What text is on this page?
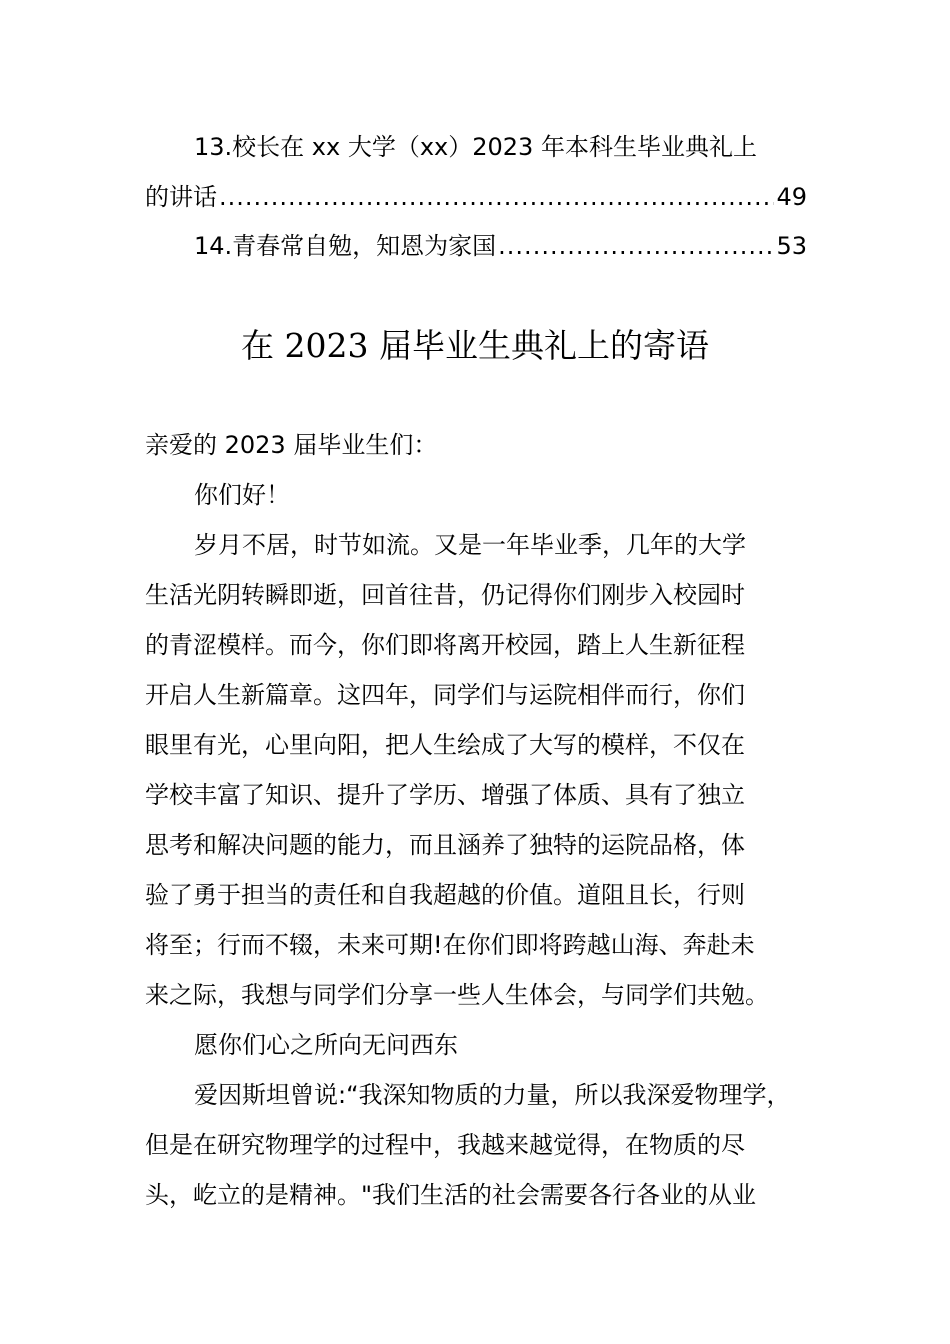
13.校长在 xx 大学（xx）2023 年本科生毕业典礼上
的讲话 .....	49
14.青春常自勉，知恩为家国 .....	53
在 2023 届毕业生典礼上的寄语
亲爱的 2023 届毕业生们：
你们好！
岁月不居，时节如流。又是一年毕业季，几年的大学
生活光阴转瞬即逝，回首往昔，仍记得你们刚步入校园时
的青涩模样。而今，你们即将离开校园，踏上人生新征程
开启人生新篇章。这四年，同学们与运院相伴而行，你们
眼里有光，心里向阳，把人生绘成了大写的模样，不仅在
学校丰富了知识、提升了学历、增强了体质、具有了独立
思考和解决问题的能力，而且涵养了独特的运院品格，体
验了勇于担当的责任和自我超越的价值。道阻且长，行则
将至；行而不辍，未来可期!在你们即将跨越山海、奔赴未
来之际，我想与同学们分享一些人生体会，与同学们共勉。
愿你们心之所向无问西东
爱因斯坦曾说:“我深知物质的力量，所以我深爱物理学，
但是在研究物理学的过程中，我越来越觉得，在物质的尽
头，屹立的是精神。"我们生活的社会需要各行各业的从业
